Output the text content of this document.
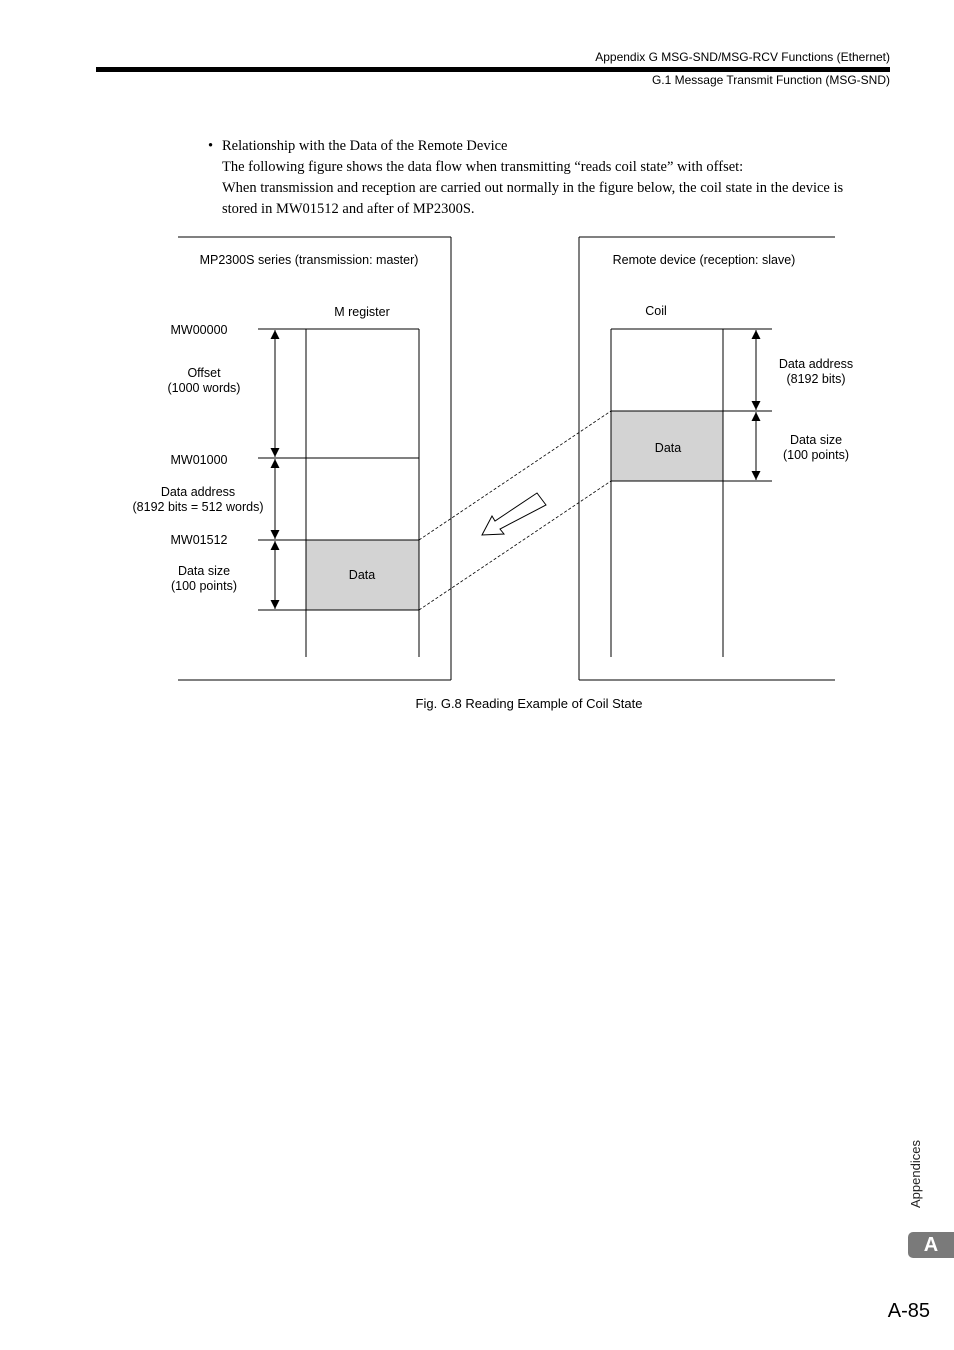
Appendix G MSG-SND/MSG-RCV Functions (Ethernet)
G.1 Message Transmit Function (MSG-SND)
• Relationship with the Data of the Remote Device
The following figure shows the data flow when transmitting “reads coil state” with offset:
When transmission and reception are carried out normally in the figure below, the coil state in the device is stored in MW01512 and after of MP2300S.
MP2300S series (transmission: master)	Remote device (reception: slave)
M register	Coil
MW00000
Offset
(1000 words)
MW01000
Data address
(8192 bits = 512 words)
MW01512
Data size
(100 points)
Data
Data
Data address
(8192 bits)
Data size
(100 points)
Fig. G.8 Reading Example of Coil State
Appendices
A
A-85
